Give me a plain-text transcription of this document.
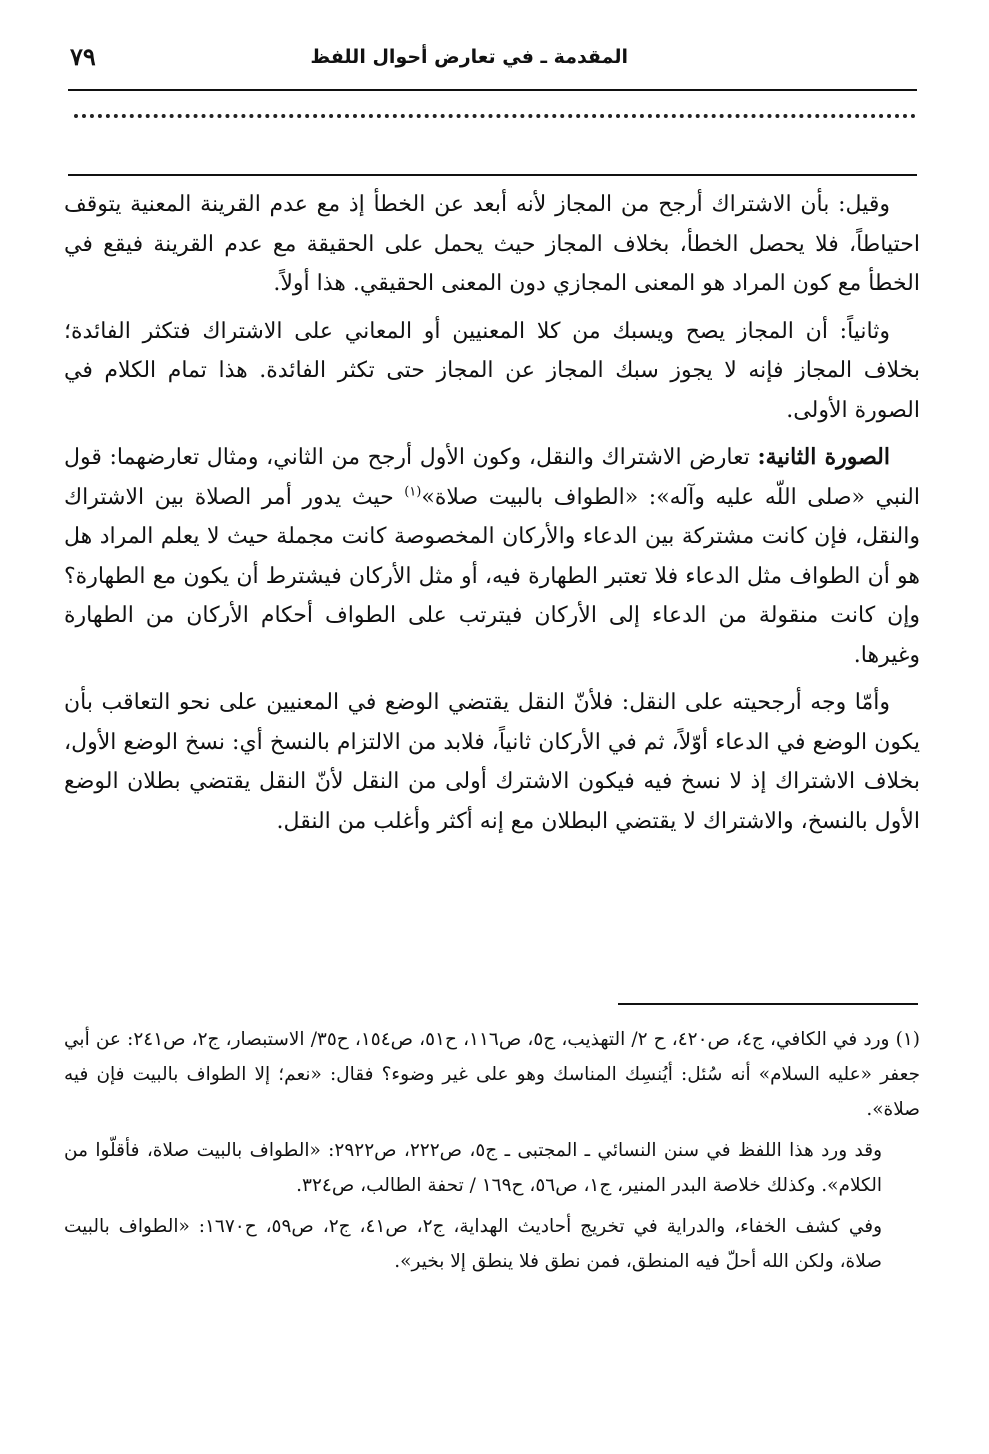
المقدمة ـ في تعارض أحوال اللفظ
٧٩

وقيل: بأن الاشتراك أرجح من المجاز لأنه أبعد عن الخطأ إذ مع عدم القرينة المعنية يتوقف احتياطاً، فلا يحصل الخطأ، بخلاف المجاز حيث يحمل على الحقيقة مع عدم القرينة فيقع في الخطأ مع كون المراد هو المعنى المجازي دون المعنى الحقيقي. هذا أولاً.

وثانياً: أن المجاز يصح ويسبك من كلا المعنيين أو المعاني على الاشتراك فتكثر الفائدة؛ بخلاف المجاز فإنه لا يجوز سبك المجاز عن المجاز حتى تكثر الفائدة. هذا تمام الكلام في الصورة الأولى.

الصورة الثانية: تعارض الاشتراك والنقل، وكون الأول أرجح من الثاني، ومثال تعارضهما: قول النبي «صلى اللّه عليه وآله»: «الطواف بالبيت صلاة»$^{(١)}$ حيث يدور أمر الصلاة بين الاشتراك والنقل، فإن كانت مشتركة بين الدعاء والأركان المخصوصة كانت مجملة حيث لا يعلم المراد هل هو أن الطواف مثل الدعاء فلا تعتبر الطهارة فيه، أو مثل الأركان فيشترط أن يكون مع الطهارة؟ وإن كانت منقولة من الدعاء إلى الأركان فيترتب على الطواف أحكام الأركان من الطهارة وغيرها.

وأمّا وجه أرجحيته على النقل: فلأنّ النقل يقتضي الوضع في المعنيين على نحو التعاقب بأن يكون الوضع في الدعاء أوّلاً، ثم في الأركان ثانياً، فلابد من الالتزام بالنسخ أي: نسخ الوضع الأول، بخلاف الاشتراك إذ لا نسخ فيه فيكون الاشترك أولى من النقل لأنّ النقل يقتضي بطلان الوضع الأول بالنسخ، والاشتراك لا يقتضي البطلان مع إنه أكثر وأغلب من النقل.

(١) ورد في الكافي، ج٤، ص٤٢٠، ح ٢/ التهذيب، ج٥، ص١١٦، ح٥١، ص١٥٤، ح٣٥/ الاستبصار، ج٢، ص٢٤١: عن أبي جعفر «عليه السلام» أنه سُئل: أيُنسِك المناسك وهو على غير وضوء؟ فقال: «نعم؛ إلا الطواف بالبيت فإن فيه صلاة».

وقد ورد هذا اللفظ في سنن النسائي ـ المجتبى ـ ج٥، ص٢٢٢، ص٢٩٢٢: «الطواف بالبيت صلاة، فأقلّوا من الكلام». وكذلك خلاصة البدر المنير، ج١، ص٥٦، ح١٦٩ / تحفة الطالب، ص٣٢٤.

وفي كشف الخفاء، والدراية في تخريج أحاديث الهداية، ج٢، ص٤١، ج٢، ص٥٩، ح١٦٧٠: «الطواف بالبيت صلاة، ولكن الله أحلّ فيه المنطق، فمن نطق فلا ينطق إلا بخير».
